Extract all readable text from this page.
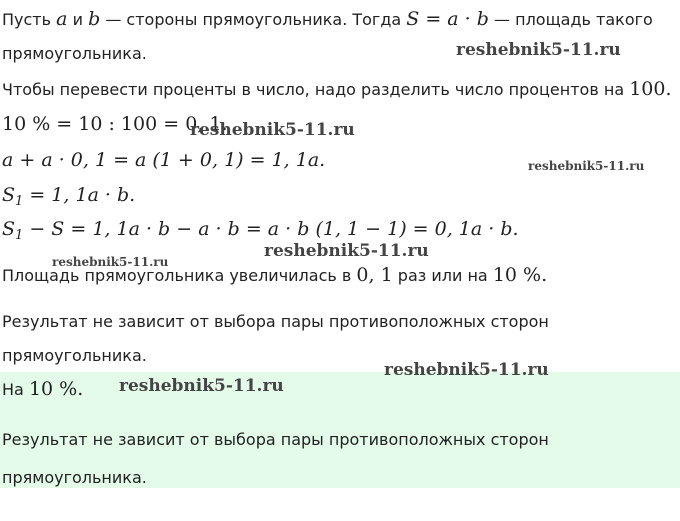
Пусть a и b — стороны прямоугольника. Тогда S = a · b — площадь такого
прямоугольника.
Чтобы перевести проценты в число, надо разделить число процентов на 100.
10 % = 10 : 100 = 0, 1.
a + a · 0, 1 = a (1 + 0, 1) = 1, 1a.
$S_1 = 1$, 1a · b.
$S_1 - S = 1$, 1a · b − a · b = a · b (1, 1 − 1) = 0, 1a · b.
Площадь прямоугольника увеличилась в 0, 1 раз или на 10 %.
Результат не зависит от выбора пары противоположных сторон
прямоугольника.
На 10 %.
Результат не зависит от выбора пары противоположных сторон
прямоугольника.
reshebnik5-11.ru
reshebnik5-11.ru
reshebnik5-11.ru
reshebnik5-11.ru
reshebnik5-11.ru
reshebnik5-11.ru
reshebnik5-11.ru
